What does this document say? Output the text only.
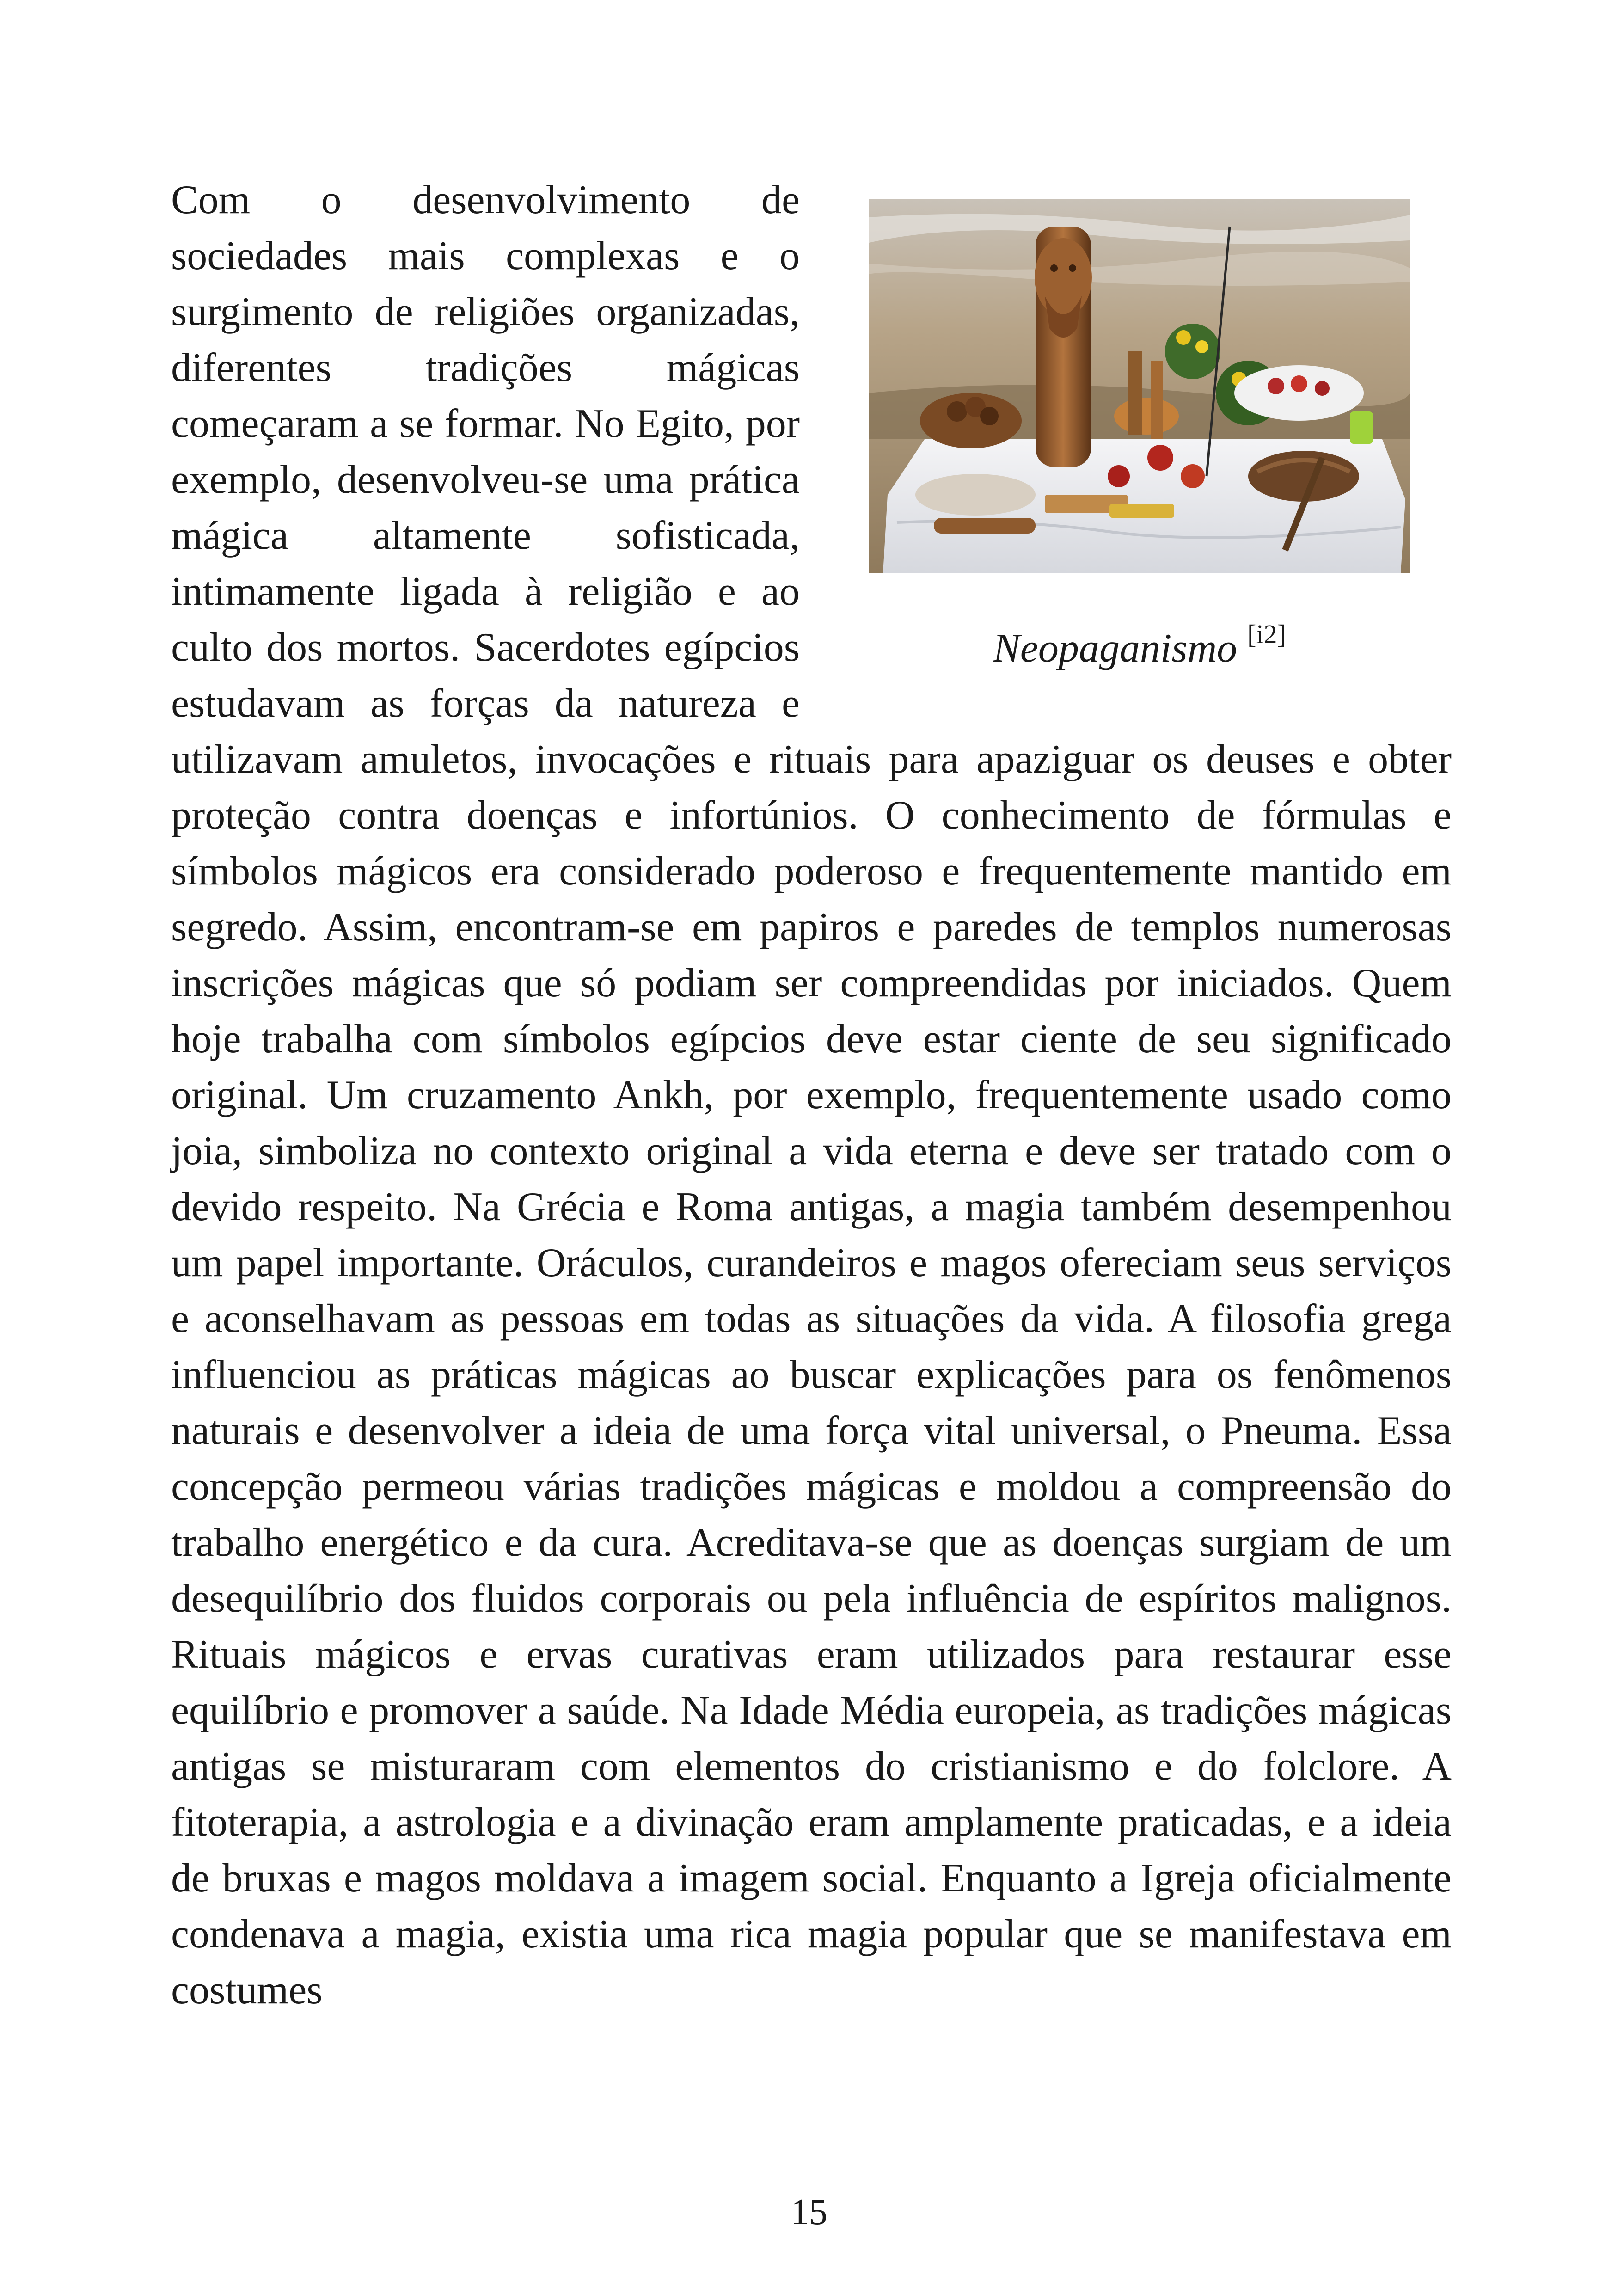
Neopaganismo [i2]
Com o desenvolvimento de sociedades mais complexas e o surgimento de religiões organizadas, diferentes tradições mágicas começaram a se formar. No Egito, por exemplo, desenvolveu-se uma prática mágica altamente sofisticada, intimamente ligada à religião e ao culto dos mortos. Sacerdotes egípcios estudavam as forças da natureza e utilizavam amuletos, invocações e rituais para apaziguar os deuses e obter proteção contra doenças e infortúnios. O conhecimento de fórmulas e símbolos mágicos era considerado poderoso e frequentemente mantido em segredo. Assim, encontram-se em papiros e paredes de templos numerosas inscrições mágicas que só podiam ser compreendidas por iniciados. Quem hoje trabalha com símbolos egípcios deve estar ciente de seu significado original. Um cruzamento Ankh, por exemplo, frequentemente usado como joia, simboliza no contexto original a vida eterna e deve ser tratado com o devido respeito. Na Grécia e Roma antigas, a magia também desempenhou um papel importante. Oráculos, curandeiros e magos ofereciam seus serviços e aconselhavam as pessoas em todas as situações da vida. A filosofia grega influenciou as práticas mágicas ao buscar explicações para os fenômenos naturais e desenvolver a ideia de uma força vital universal, o Pneuma. Essa concepção permeou várias tradições mágicas e moldou a compreensão do trabalho energético e da cura. Acreditava-se que as doenças surgiam de um desequilíbrio dos fluidos corporais ou pela influência de espíritos malignos. Rituais mágicos e ervas curativas eram utilizados para restaurar esse equilíbrio e promover a saúde. Na Idade Média europeia, as tradições mágicas antigas se misturaram com elementos do cristianismo e do folclore. A fitoterapia, a astrologia e a divinação eram amplamente praticadas, e a ideia de bruxas e magos moldava a imagem social. Enquanto a Igreja oficialmente condenava a magia, existia uma rica magia popular que se manifestava em costumes
15
